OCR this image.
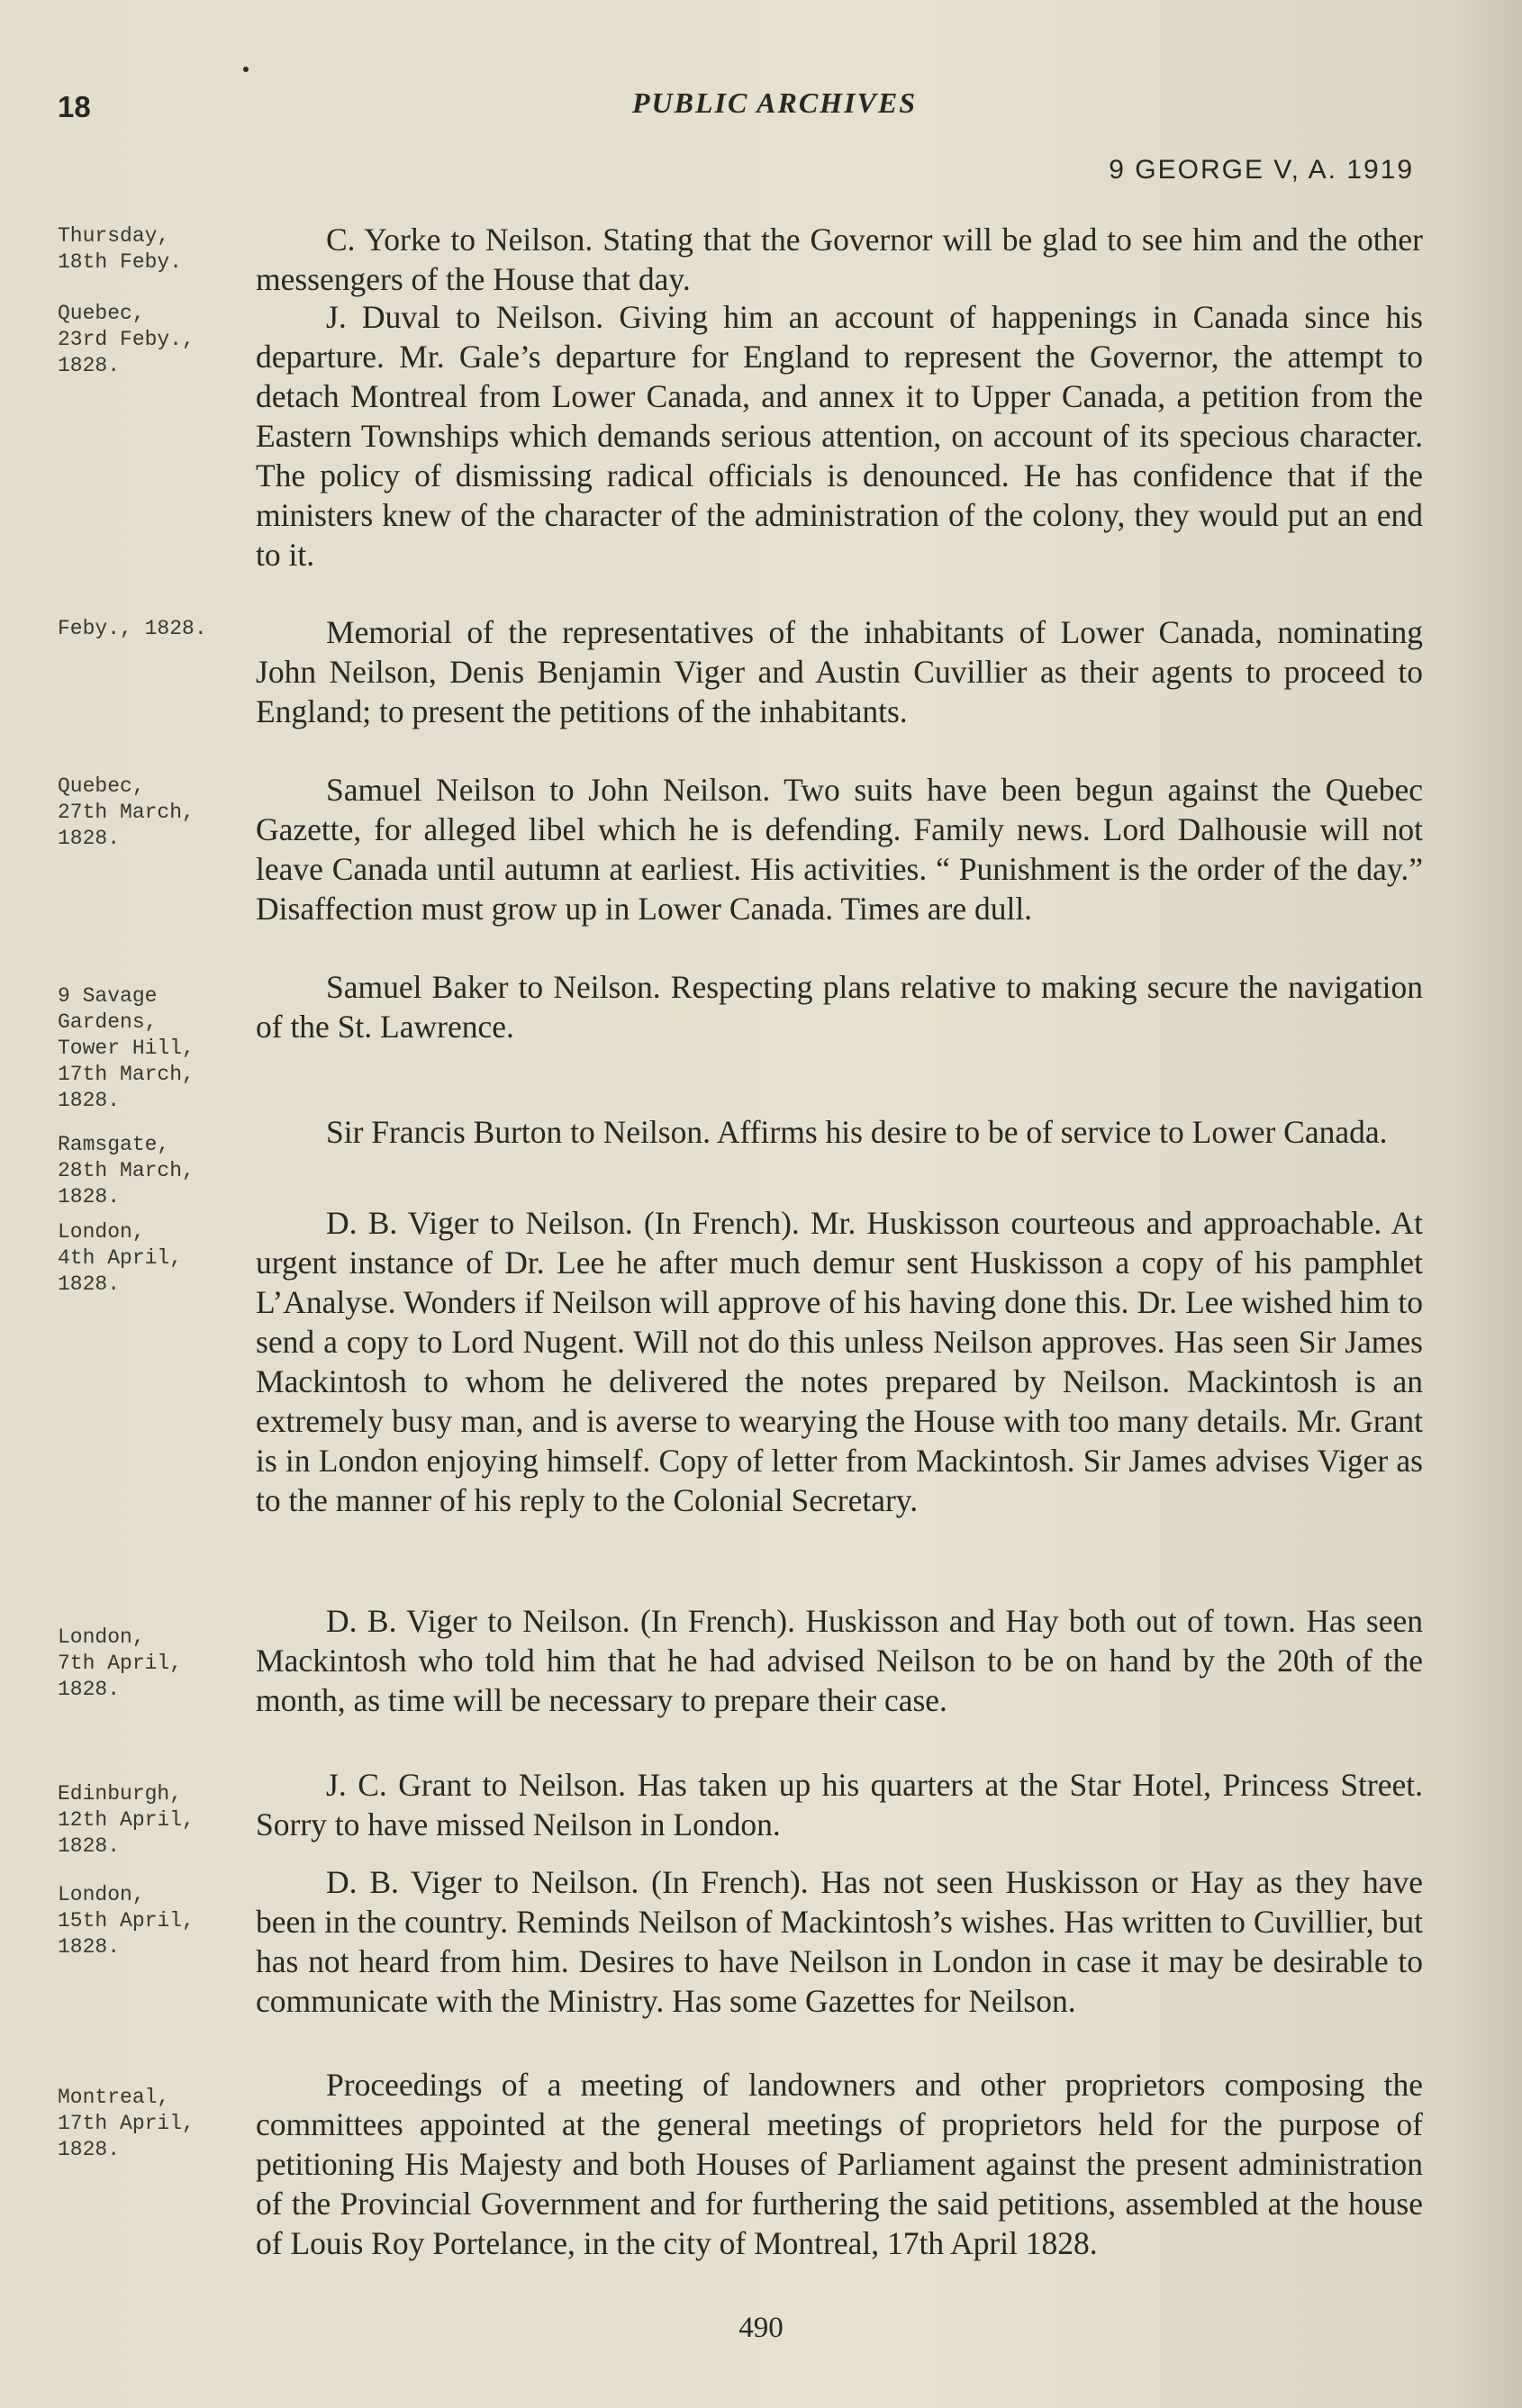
18	PUBLIC ARCHIVES
9 GEORGE V, A. 1919
Thursday,
18th Feby.
C. Yorke to Neilson. Stating that the Governor will be glad to see him and the other messengers of the House that day.
Quebec,
23rd Feby.,
1828.
J. Duval to Neilson. Giving him an account of happenings in Canada since his departure. Mr. Gale’s departure for England to represent the Governor, the attempt to detach Montreal from Lower Canada, and annex it to Upper Canada, a petition from the Eastern Townships which demands serious attention, on account of its specious character. The policy of dismissing radical officials is denounced. He has confidence that if the ministers knew of the character of the administration of the colony, they would put an end to it.
Feby., 1828.	Memorial of the representatives of the inhabitants of Lower Canada, nominating John Neilson, Denis Benjamin Viger and Austin Cuvillier as their agents to proceed to England; to present the petitions of the inhabitants.
Quebec,
27th March,
1828.
Samuel Neilson to John Neilson. Two suits have been begun against the Quebec Gazette, for alleged libel which he is defending. Family news. Lord Dalhousie will not leave Canada until autumn at earliest. His activities. “ Punishment is the order of the day.” Disaffection must grow up in Lower Canada. Times are dull.
9 Savage
Gardens,
Tower Hill,
17th March,
1828.
Samuel Baker to Neilson. Respecting plans relative to making secure the navigation of the St. Lawrence.
Ramsgate,
28th March,
1828.
Sir Francis Burton to Neilson. Affirms his desire to be of service to Lower Canada.
London,
4th April,
1828.
D. B. Viger to Neilson. (In French). Mr. Huskisson courteous and approachable. At urgent instance of Dr. Lee he after much demur sent Huskisson a copy of his pamphlet L’Analyse. Wonders if Neilson will approve of his having done this. Dr. Lee wished him to send a copy to Lord Nugent. Will not do this unless Neilson approves. Has seen Sir James Mackintosh to whom he delivered the notes prepared by Neilson. Mackintosh is an extremely busy man, and is averse to wearying the House with too many details. Mr. Grant is in London enjoying himself. Copy of letter from Mackintosh. Sir James advises Viger as to the manner of his reply to the Colonial Secretary.
London,
7th April,
1828.
D. B. Viger to Neilson. (In French). Huskisson and Hay both out of town. Has seen Mackintosh who told him that he had advised Neilson to be on hand by the 20th of the month, as time will be necessary to prepare their case.
Edinburgh,
12th April,
1828.
J. C. Grant to Neilson. Has taken up his quarters at the Star Hotel, Princess Street. Sorry to have missed Neilson in London.
London,
15th April,
1828.
D. B. Viger to Neilson. (In French). Has not seen Huskisson or Hay as they have been in the country. Reminds Neilson of Mackintosh’s wishes. Has written to Cuvillier, but has not heard from him. Desires to have Neilson in London in case it may be desirable to communicate with the Ministry. Has some Gazettes for Neilson.
Montreal,
17th April,
1828.
Proceedings of a meeting of landowners and other proprietors composing the committees appointed at the general meetings of proprietors held for the purpose of petitioning His Majesty and both Houses of Parliament against the present administration of the Provincial Government and for furthering the said petitions, assembled at the house of Louis Roy Portelance, in the city of Montreal, 17th April 1828.
490
